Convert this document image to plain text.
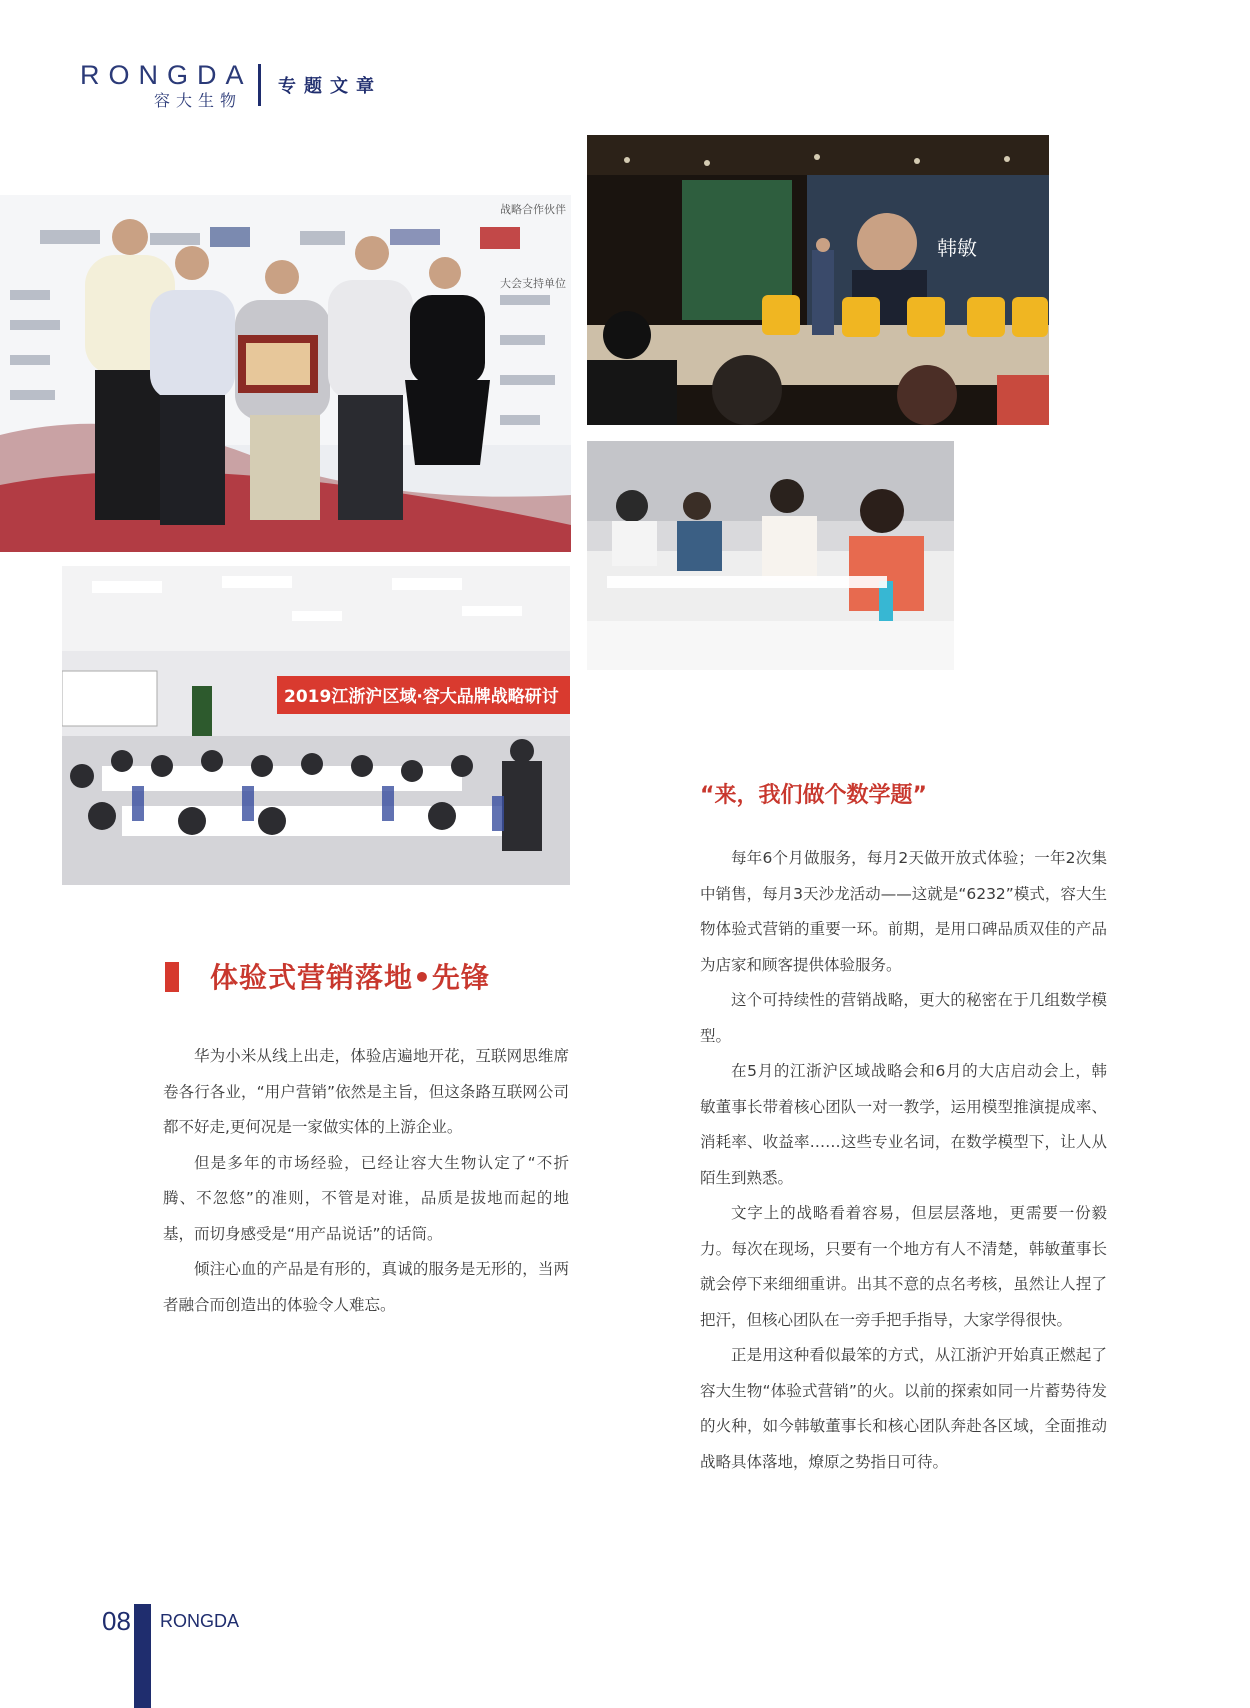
RONGDA
容大生物
专题文章
战略合作伙伴
大会支持单位
韩敏
2019江浙沪区域·容大品牌战略研讨
“来，我们做个数学题”
体验式营销落地•先锋

华为小米从线上出走，体验店遍地开花，互联网思维席卷各行各业，“用户营销”依然是主旨，但这条路互联网公司都不好走,更何况是一家做实体的上游企业。

但是多年的市场经验，已经让容大生物认定了“不折腾、不忽悠”的准则，不管是对谁，品质是拔地而起的地基，而切身感受是“用产品说话”的话筒。

倾注心血的产品是有形的，真诚的服务是无形的，当两者融合而创造出的体验令人难忘。

每年6个月做服务，每月2天做开放式体验；一年2次集中销售，每月3天沙龙活动——这就是“6232”模式，容大生物体验式营销的重要一环。前期，是用口碑品质双佳的产品为店家和顾客提供体验服务。

这个可持续性的营销战略，更大的秘密在于几组数学模型。

在5月的江浙沪区域战略会和6月的大店启动会上，韩敏董事长带着核心团队一对一教学，运用模型推演提成率、消耗率、收益率……这些专业名词，在数学模型下，让人从陌生到熟悉。

文字上的战略看着容易，但层层落地，更需要一份毅力。每次在现场，只要有一个地方有人不清楚，韩敏董事长就会停下来细细重讲。出其不意的点名考核，虽然让人捏了把汗，但核心团队在一旁手把手指导，大家学得很快。

正是用这种看似最笨的方式，从江浙沪开始真正燃起了容大生物“体验式营销”的火。以前的探索如同一片蓄势待发的火种，如今韩敏董事长和核心团队奔赴各区域，全面推动战略具体落地，燎原之势指日可待。

08 RONGDA
